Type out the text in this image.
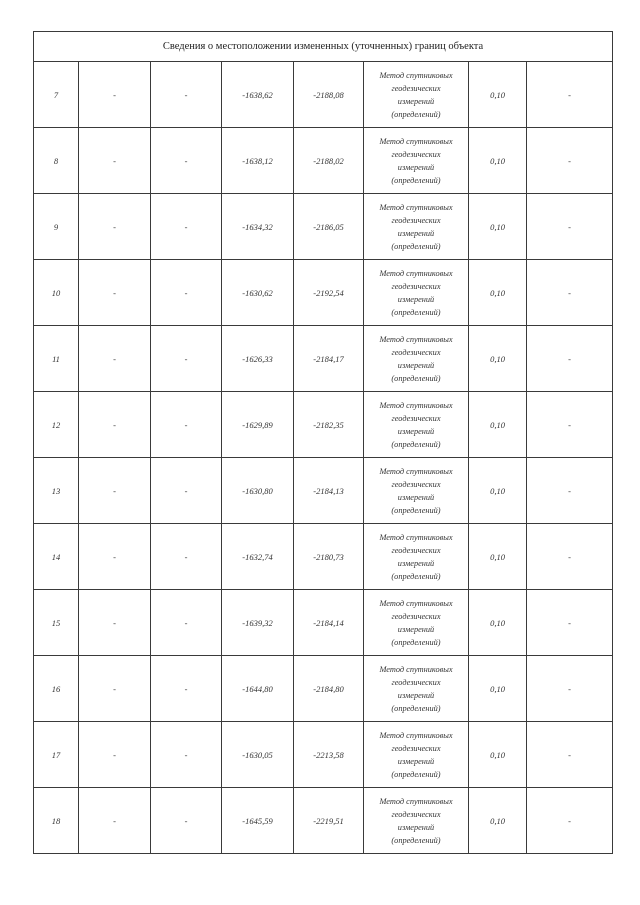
Сведения о местоположении измененных (уточненных) границ объекта							
7	-	-	-1638,62	-2188,08	Метод спутниковых
геодезических
измерений
(определений)	0,10	-
8	-	-	-1638,12	-2188,02	Метод спутниковых
геодезических
измерений
(определений)	0,10	-
9	-	-	-1634,32	-2186,05	Метод спутниковых
геодезических
измерений
(определений)	0,10	-
10	-	-	-1630,62	-2192,54	Метод спутниковых
геодезических
измерений
(определений)	0,10	-
11	-	-	-1626,33	-2184,17	Метод спутниковых
геодезических
измерений
(определений)	0,10	-
12	-	-	-1629,89	-2182,35	Метод спутниковых
геодезических
измерений
(определений)	0,10	-
13	-	-	-1630,80	-2184,13	Метод спутниковых
геодезических
измерений
(определений)	0,10	-
14	-	-	-1632,74	-2180,73	Метод спутниковых
геодезических
измерений
(определений)	0,10	-
15	-	-	-1639,32	-2184,14	Метод спутниковых
геодезических
измерений
(определений)	0,10	-
16	-	-	-1644,80	-2184,80	Метод спутниковых
геодезических
измерений
(определений)	0,10	-
17	-	-	-1630,05	-2213,58	Метод спутниковых
геодезических
измерений
(определений)	0,10	-
18	-	-	-1645,59	-2219,51	Метод спутниковых
геодезических
измерений
(определений)	0,10	-
